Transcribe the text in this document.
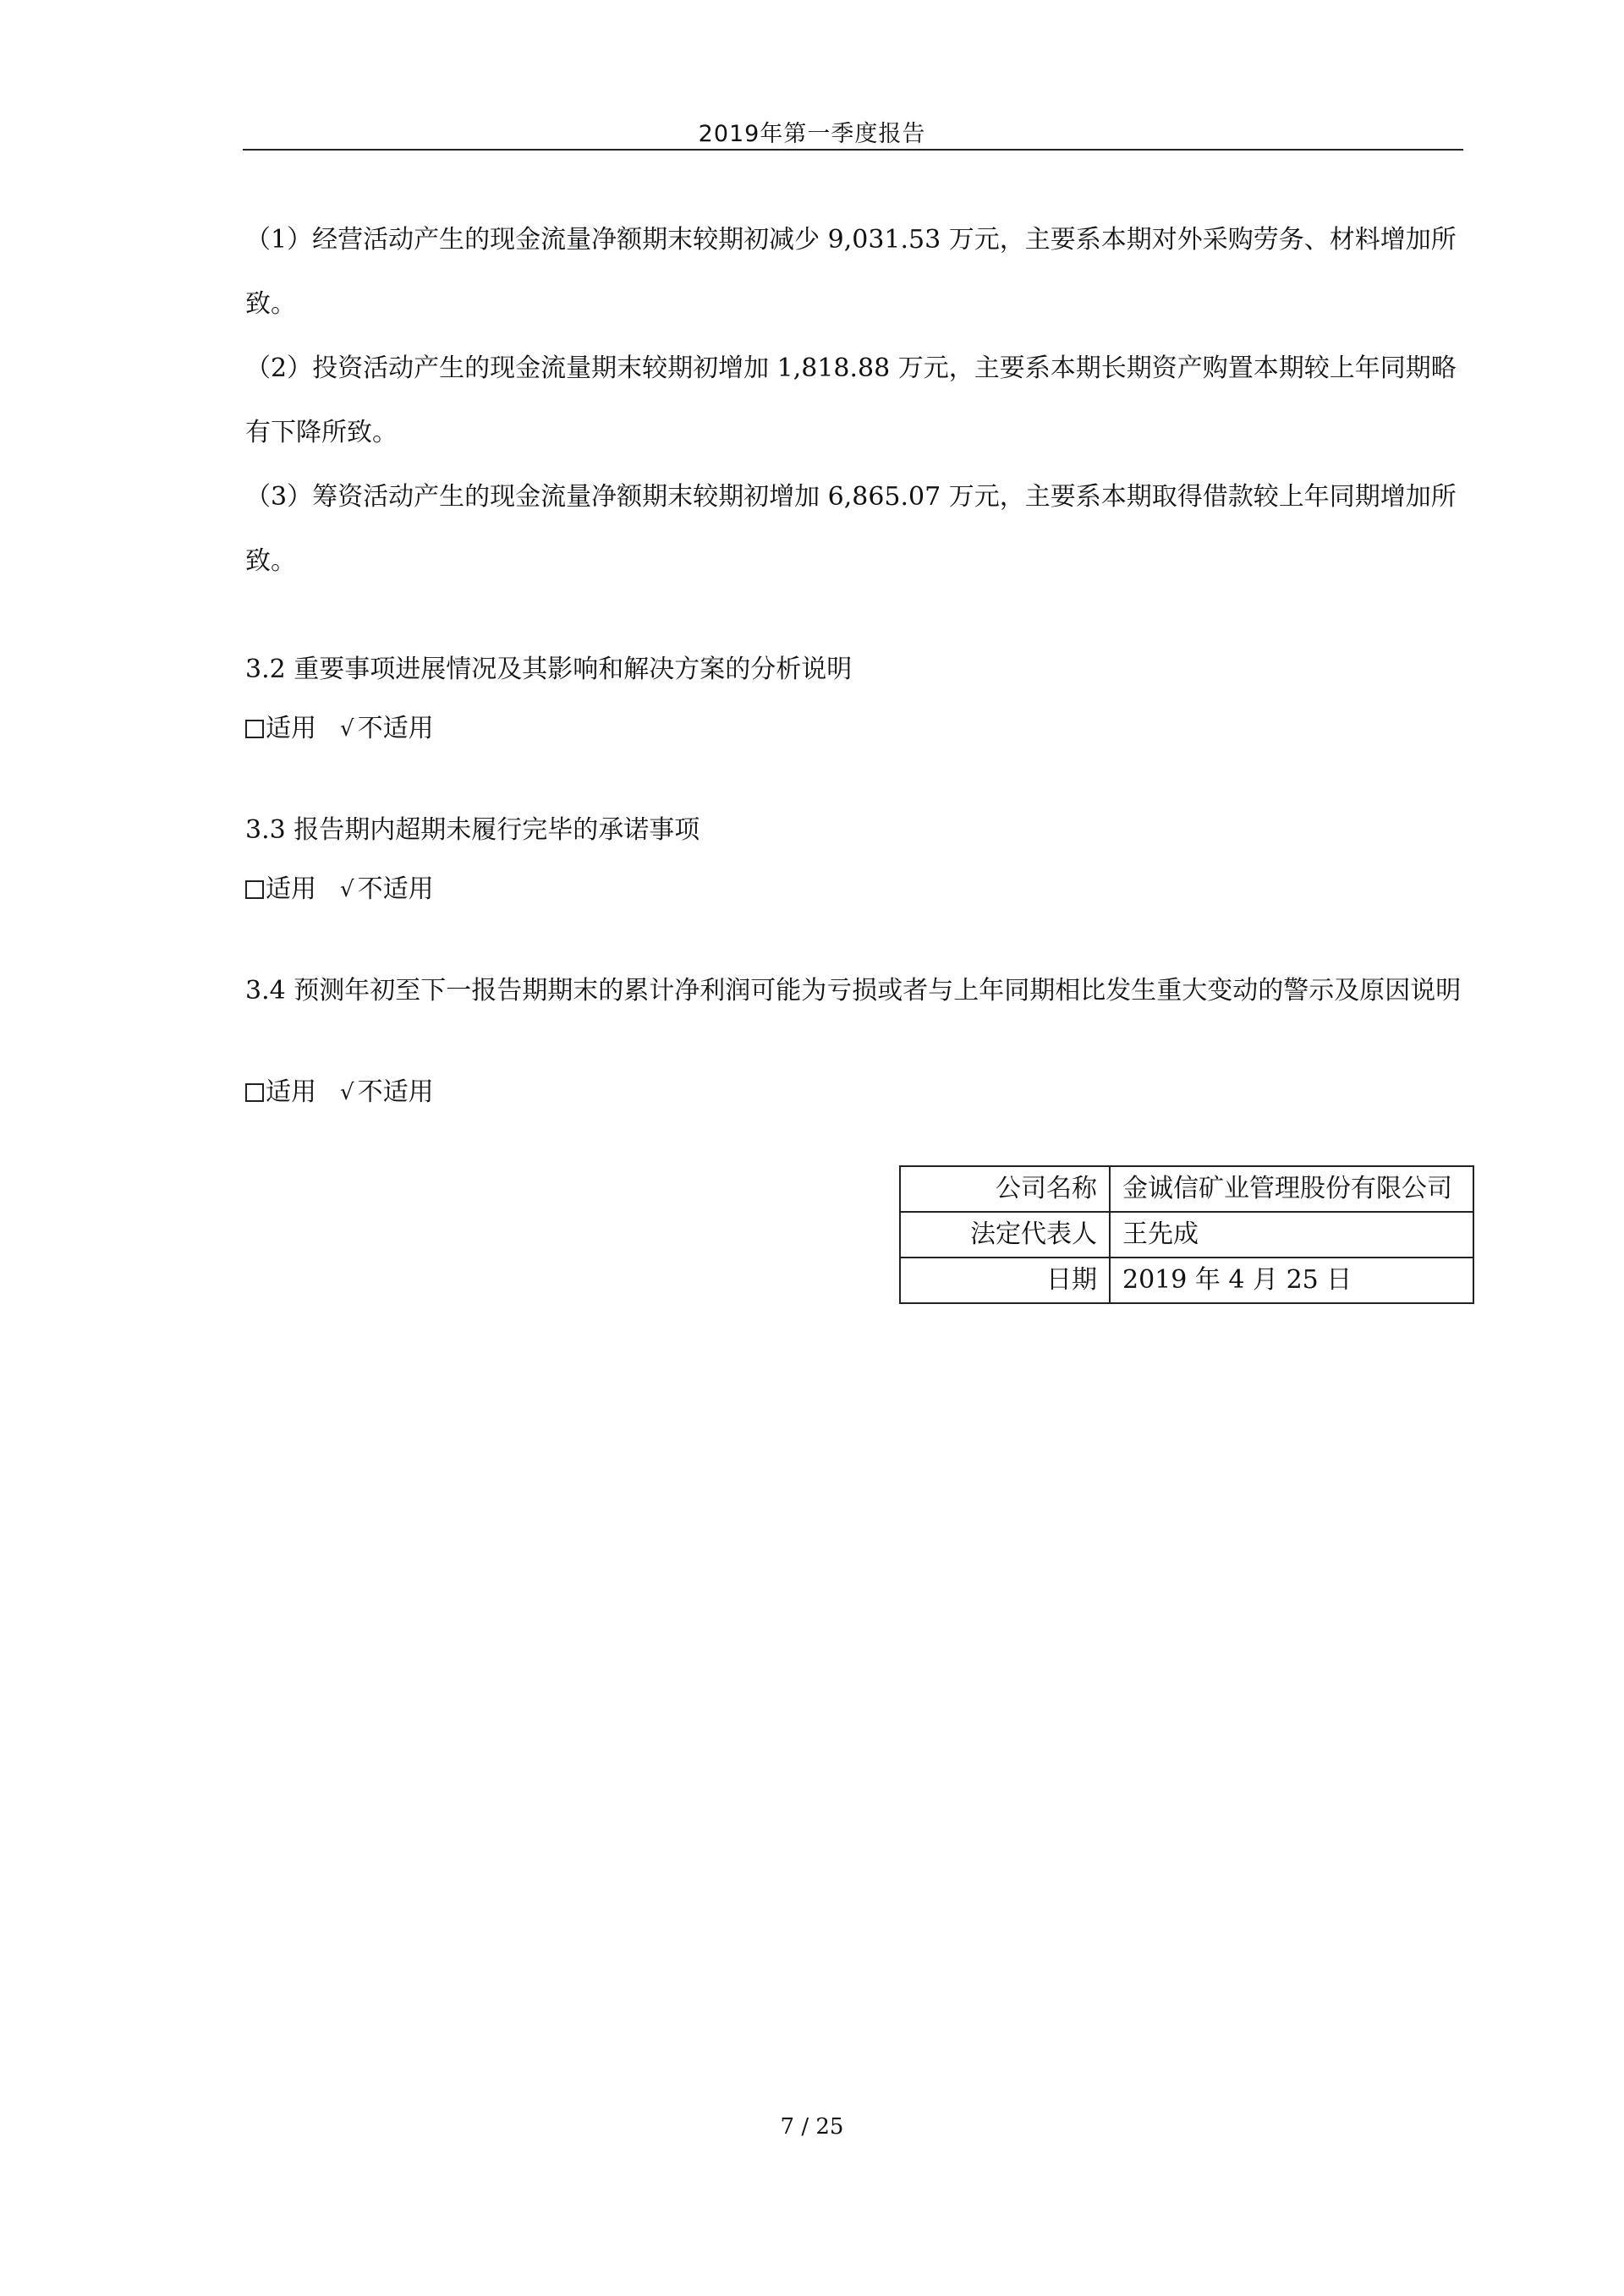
2019年第一季度报告

（1）经营活动产生的现金流量净额期末较期初减少 9,031.53 万元，主要系本期对外采购劳务、材料增加所致。

（2）投资活动产生的现金流量期末较期初增加 1,818.88 万元，主要系本期长期资产购置本期较上年同期略有下降所致。

（3）筹资活动产生的现金流量净额期末较期初增加 6,865.07 万元，主要系本期取得借款较上年同期增加所致。

3.2 重要事项进展情况及其影响和解决方案的分析说明

适用 √ 不适用

3.3 报告期内超期未履行完毕的承诺事项

适用 √ 不适用

3.4 预测年初至下一报告期期末的累计净利润可能为亏损或者与上年同期相比发生重大变动的警示及原因说明

适用 √ 不适用
公司名称	金诚信矿业管理股份有限公司
法定代表人	王先成
日期	2019 年 4 月 25 日
7 / 25
